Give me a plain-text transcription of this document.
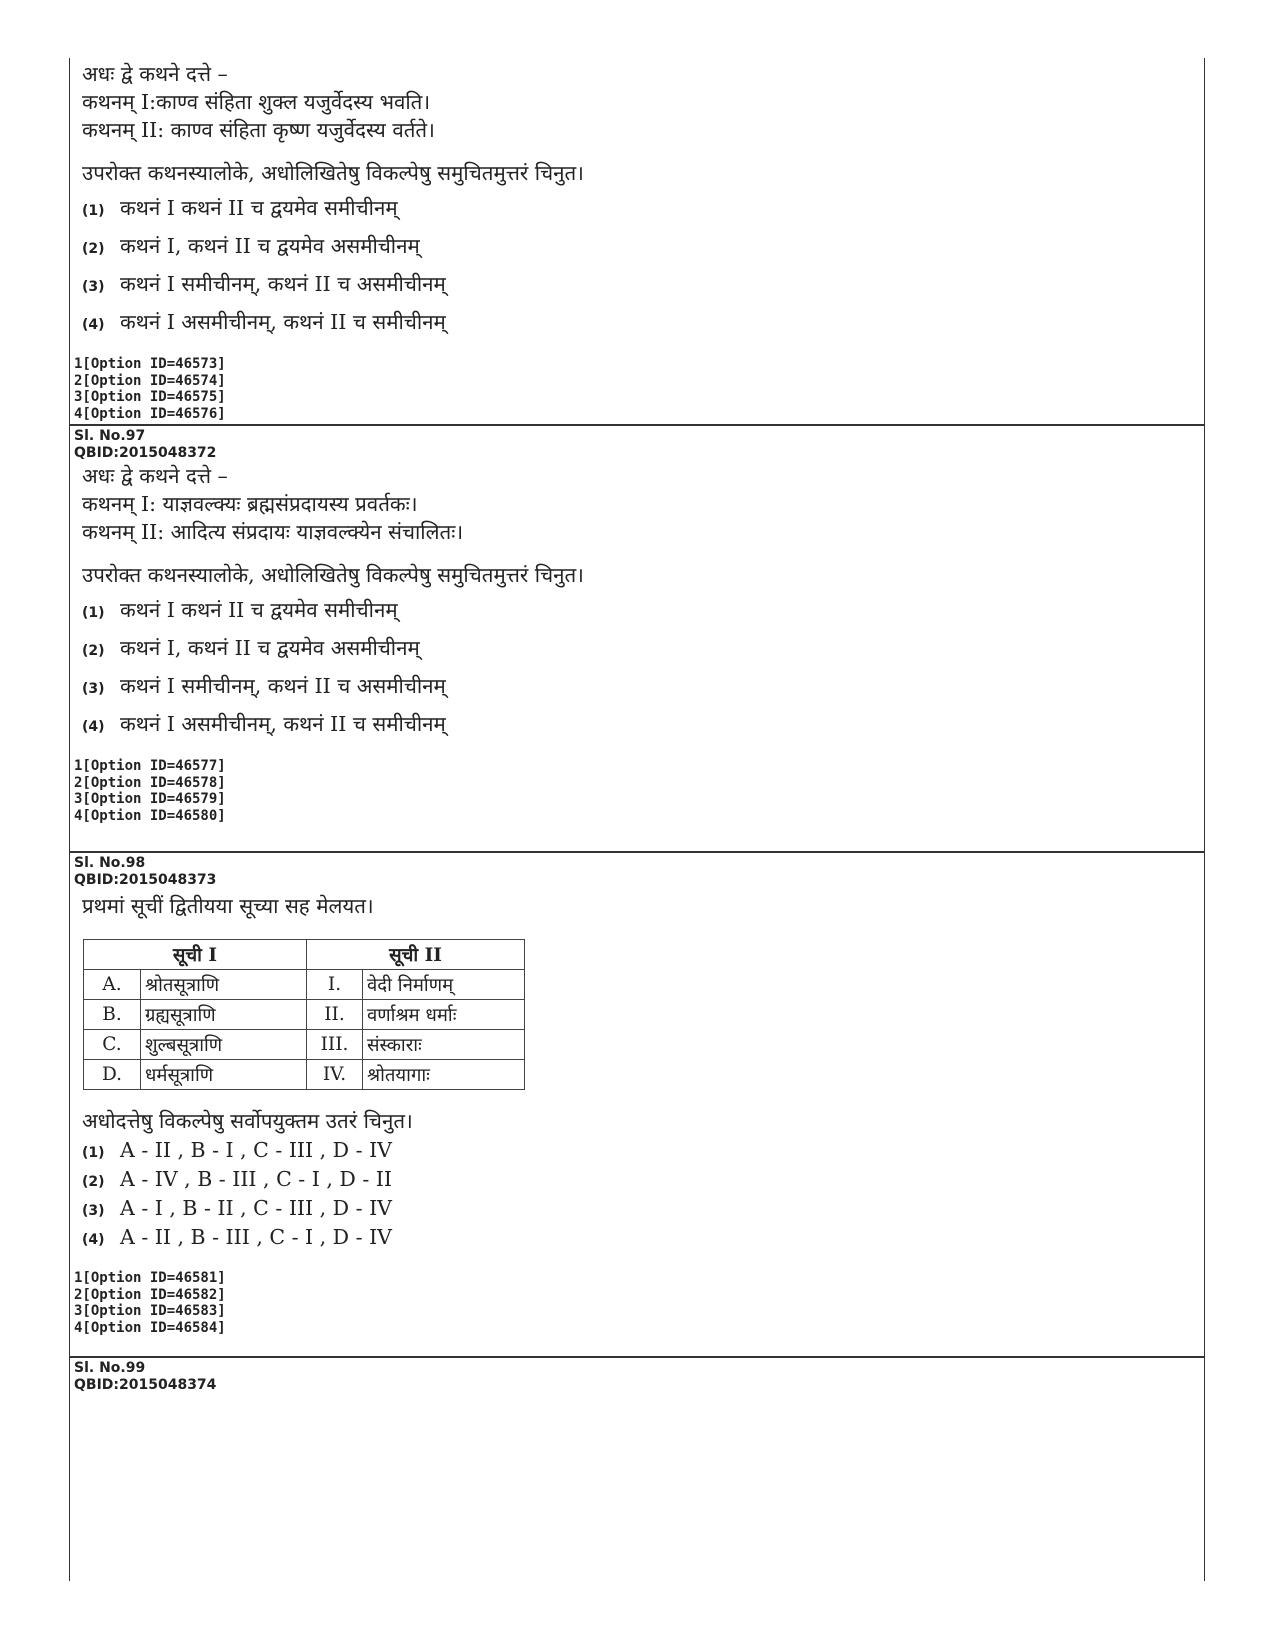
अधः द्वे कथने दत्ते –
कथनम् I:काण्व संहिता शुक्ल यजुर्वेदस्य भवति।
कथनम् II: काण्व संहिता कृष्ण यजुर्वेदस्य वर्तते।
उपरोक्त कथनस्यालोके, अधोलिखितेषु विकल्पेषु समुचितमुत्तरं चिनुत।
(1) कथनं I कथनं II च द्वयमेव समीचीनम्
(2) कथनं I, कथनं II च द्वयमेव असमीचीनम्
(3) कथनं I समीचीनम्, कथनं II च असमीचीनम्
(4) कथनं I असमीचीनम्, कथनं II च समीचीनम्
1[Option ID=46573]
2[Option ID=46574]
3[Option ID=46575]
4[Option ID=46576]
Sl. No.97
QBID:2015048372
अधः द्वे कथने दत्ते –
कथनम् I: याज्ञवल्क्यः ब्रह्मसंप्रदायस्य प्रवर्तकः।
कथनम् II: आदित्य संप्रदायः याज्ञवल्क्येन संचालितः।
उपरोक्त कथनस्यालोके, अधोलिखितेषु विकल्पेषु समुचितमुत्तरं चिनुत।
(1) कथनं I कथनं II च द्वयमेव समीचीनम्
(2) कथनं I, कथनं II च द्वयमेव असमीचीनम्
(3) कथनं I समीचीनम्, कथनं II च असमीचीनम्
(4) कथनं I असमीचीनम्, कथनं II च समीचीनम्
1[Option ID=46577]
2[Option ID=46578]
3[Option ID=46579]
4[Option ID=46580]
Sl. No.98
QBID:2015048373
प्रथमां सूचीं द्वितीयया सूच्या सह मेलयत।
सूची I		सूची II	
A.	श्रोतसूत्राणि	I.	वेदी निर्माणम्
B.	ग्रह्यसूत्राणि	II.	वर्णाश्रम धर्माः
C.	शुल्बसूत्राणि	III.	संस्काराः
D.	धर्मसूत्राणि	IV.	श्रोतयागाः
अधोदत्तेषु विकल्पेषु सर्वोपयुक्तम उतरं चिनुत।
(1) A - II , B - I , C - III , D - IV
(2) A - IV , B - III , C - I , D - II
(3) A - I , B - II , C - III , D - IV
(4) A - II , B - III , C - I , D - IV
1[Option ID=46581]
2[Option ID=46582]
3[Option ID=46583]
4[Option ID=46584]
Sl. No.99
QBID:2015048374
